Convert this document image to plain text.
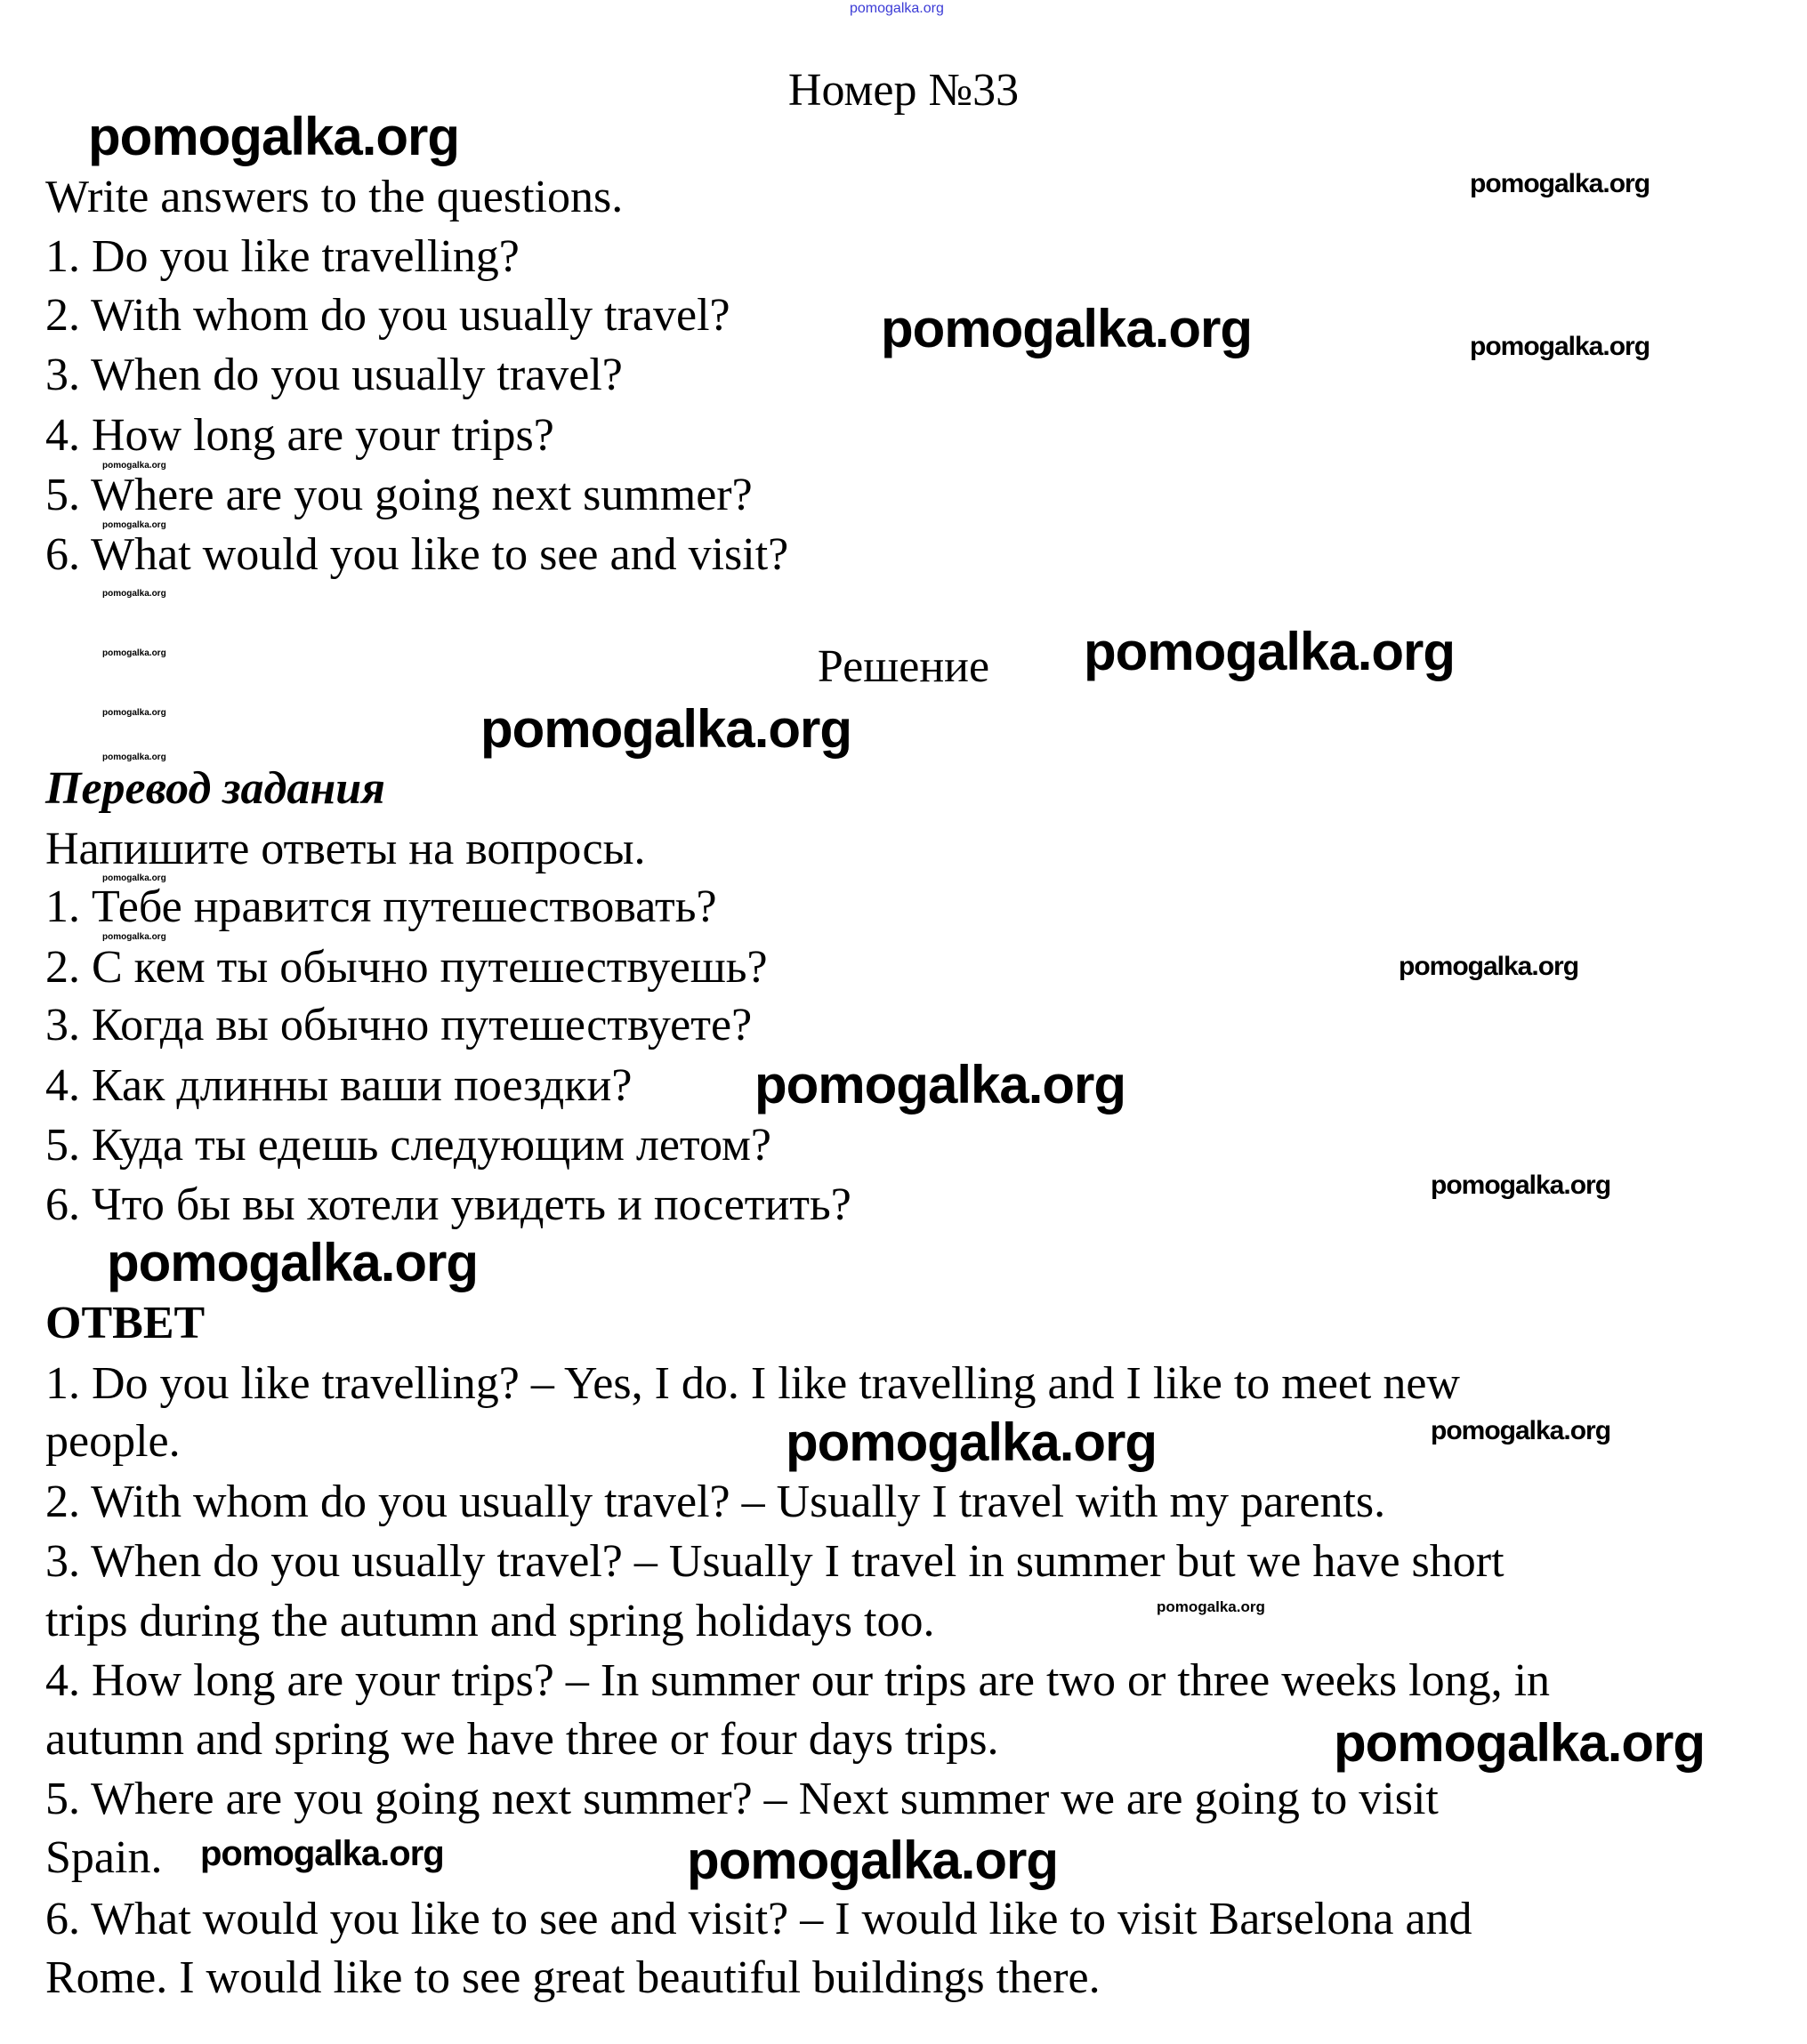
Номер №33
Write answers to the questions.
1. Do you like travelling?
2. With whom do you usually travel?
3. When do you usually travel?
4. How long are your trips?
5. Where are you going next summer?
6. What would you like to see and visit?
Решение
Перевод задания
Напишите ответы на вопросы.
1. Тебе нравится путешествовать?
2. С кем ты обычно путешествуешь?
3. Когда вы обычно путешествуете?
4. Как длинны ваши поездки?
5. Куда ты едешь следующим летом?
6. Что бы вы хотели увидеть и посетить?
ОТВЕТ
1. Do you like travelling? – Yes, I do. I like travelling and I like to meet new
people.
2. With whom do you usually travel? – Usually I travel with my parents.
3. When do you usually travel? – Usually I travel in summer but we have short
trips during the autumn and spring holidays too.
4. How long are your trips? – In summer our trips are two or three weeks long, in
autumn and spring we have three or four days trips.
5. Where are you going next summer? – Next summer we are going to visit
Spain.
6. What would you like to see and visit? – I would like to visit Barselona and
Rome. I would like to see great beautiful buildings there.
pomogalka.org
pomogalka.org
pomogalka.org
pomogalka.org	pomogalka.org
pomogalka.org
pomogalka.org
pomogalka.org
pomogalka.org
pomogalka.org
pomogalka.org
pomogalka.org
pomogalka.org
pomogalka.org
pomogalka.org
pomogalka.org
pomogalka.org
pomogalka.org
pomogalka.org
pomogalka.org	pomogalka.org
pomogalka.org
pomogalka.org
pomogalka.org	pomogalka.org
